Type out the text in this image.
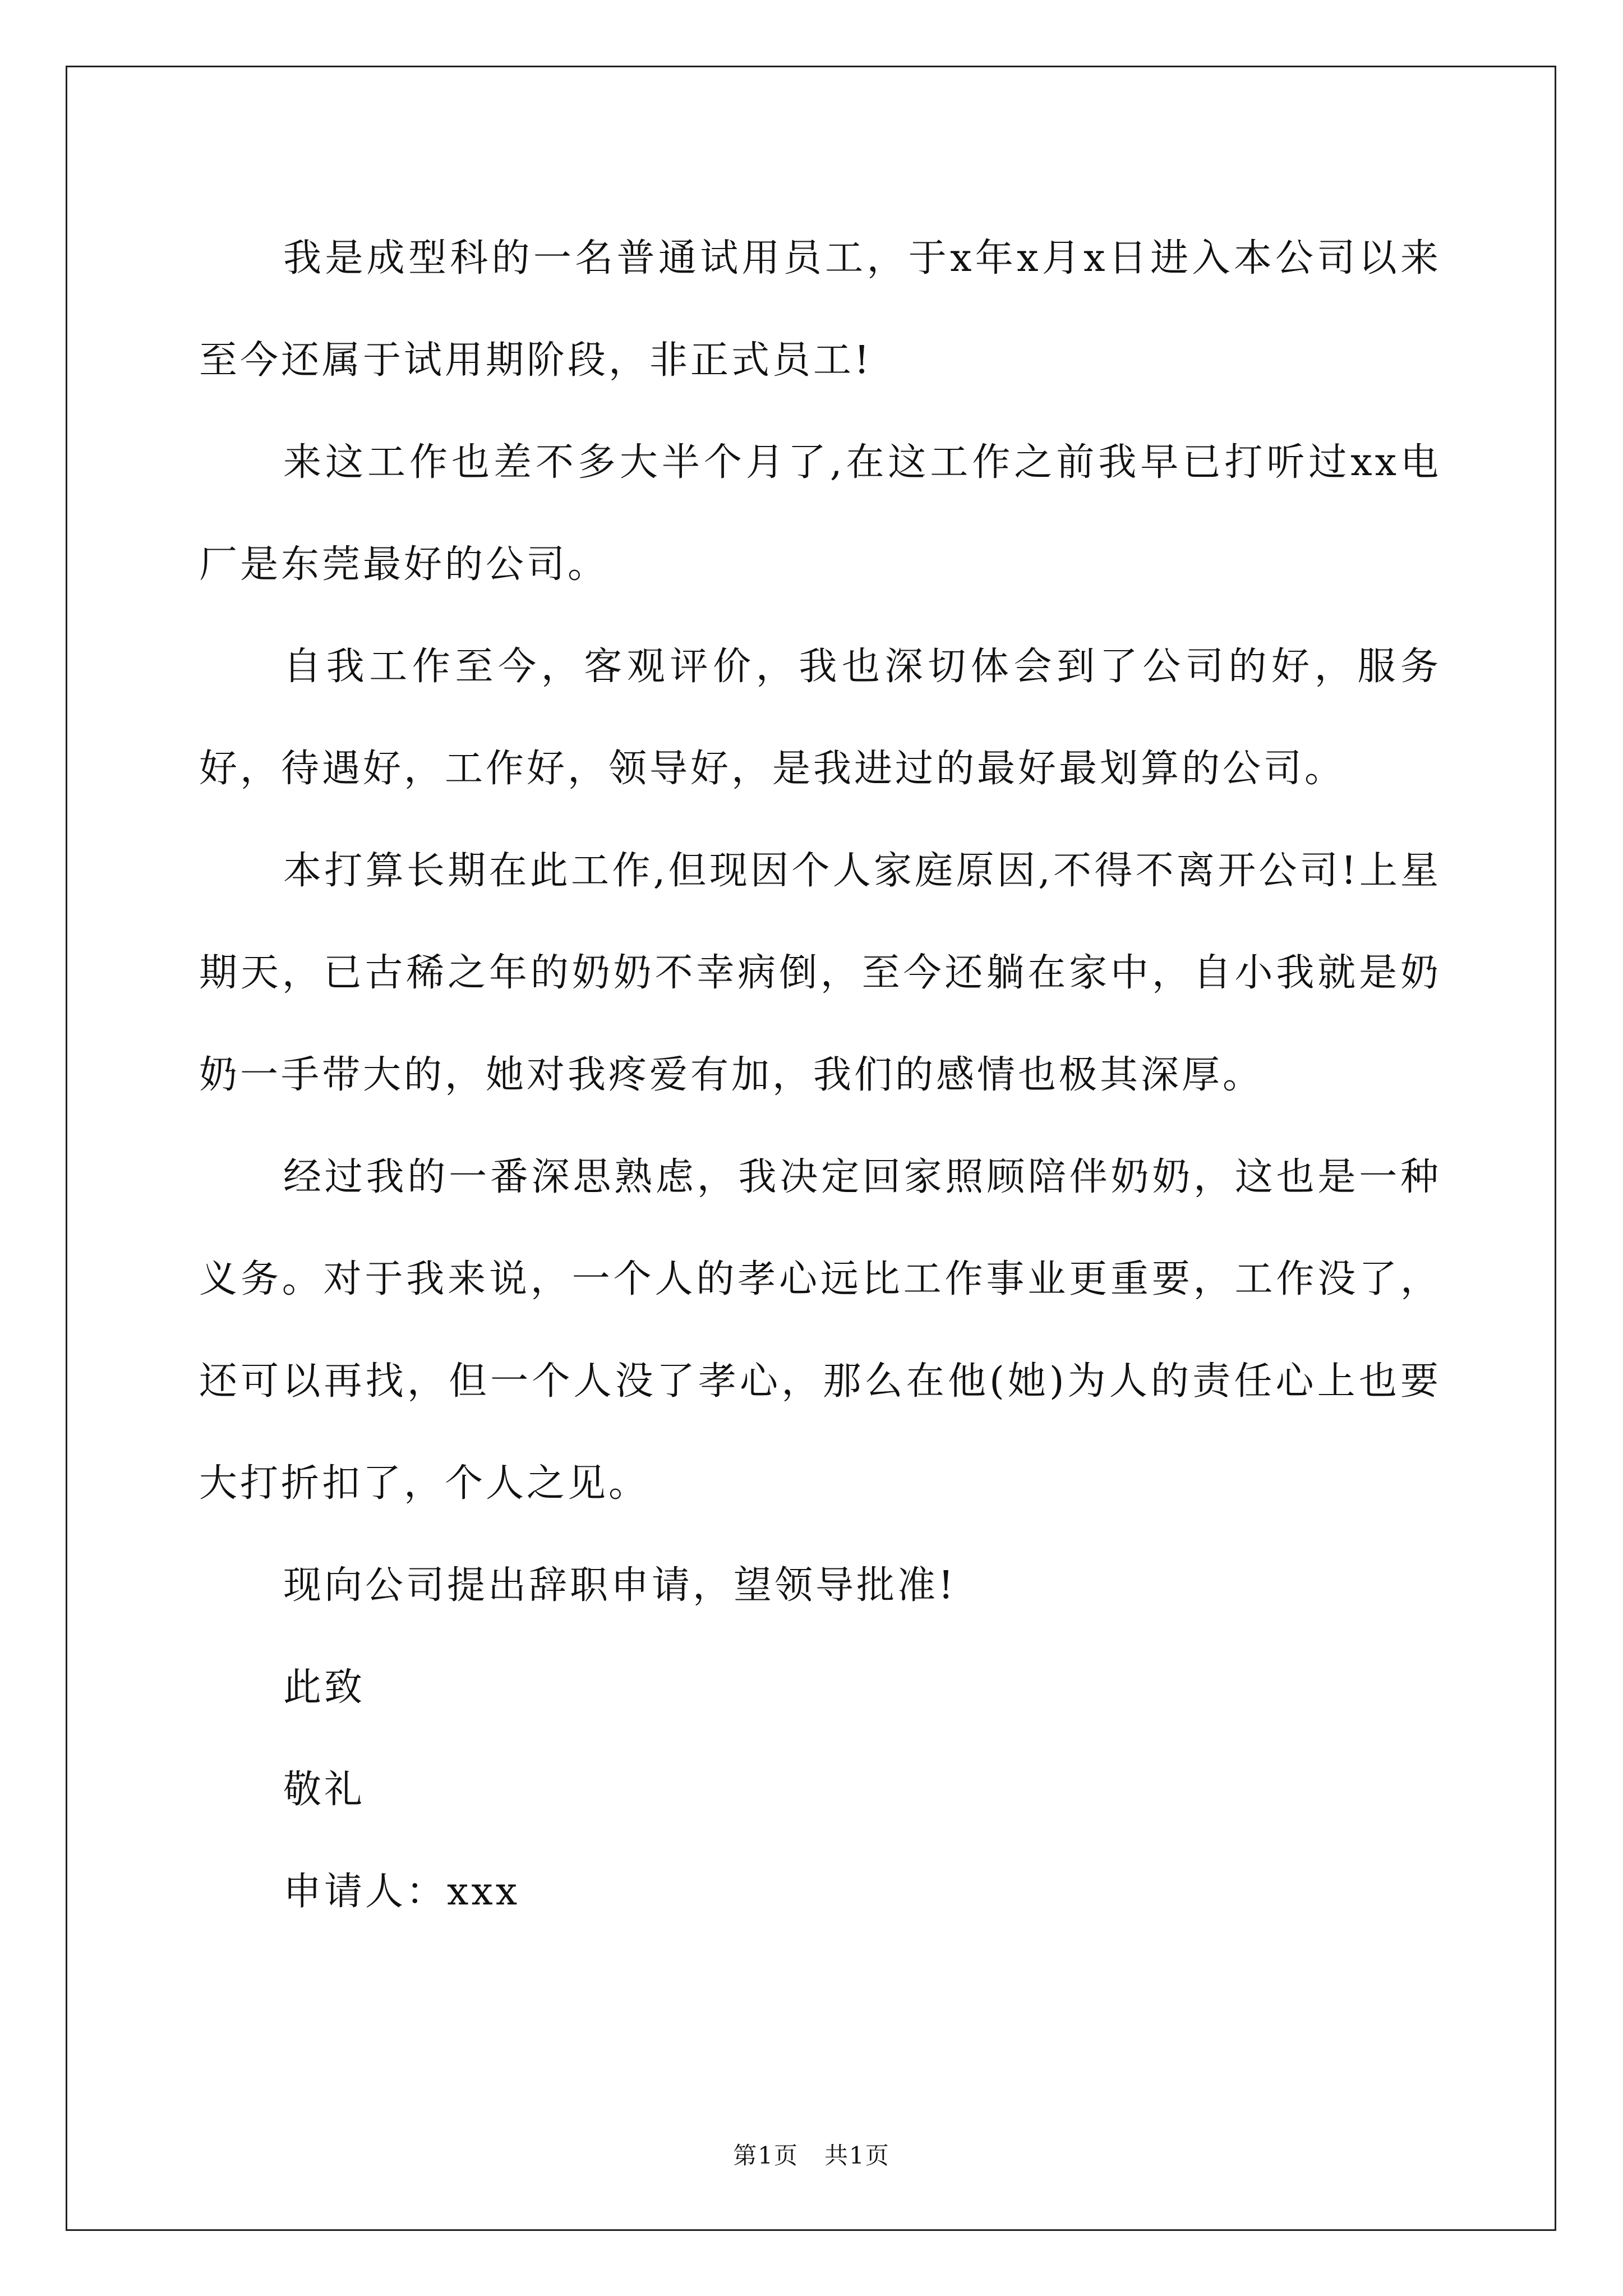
我是成型科的一名普通试用员工，于x年x月x日进入本公司以来至今还属于试用期阶段，非正式员工!

来这工作也差不多大半个月了,在这工作之前我早已打听过xx电厂是东莞最好的公司。

自我工作至今，客观评价，我也深切体会到了公司的好，服务好，待遇好，工作好，领导好，是我进过的最好最划算的公司。

本打算长期在此工作,但现因个人家庭原因,不得不离开公司!上星期天，已古稀之年的奶奶不幸病倒，至今还躺在家中，自小我就是奶奶一手带大的，她对我疼爱有加，我们的感情也极其深厚。

经过我的一番深思熟虑，我决定回家照顾陪伴奶奶，这也是一种义务。对于我来说，一个人的孝心远比工作事业更重要，工作没了，还可以再找，但一个人没了孝心，那么在他(她)为人的责任心上也要大打折扣了，个人之见。

现向公司提出辞职申请，望领导批准!

此致

敬礼

申请人：xxx

第1页 共1页
